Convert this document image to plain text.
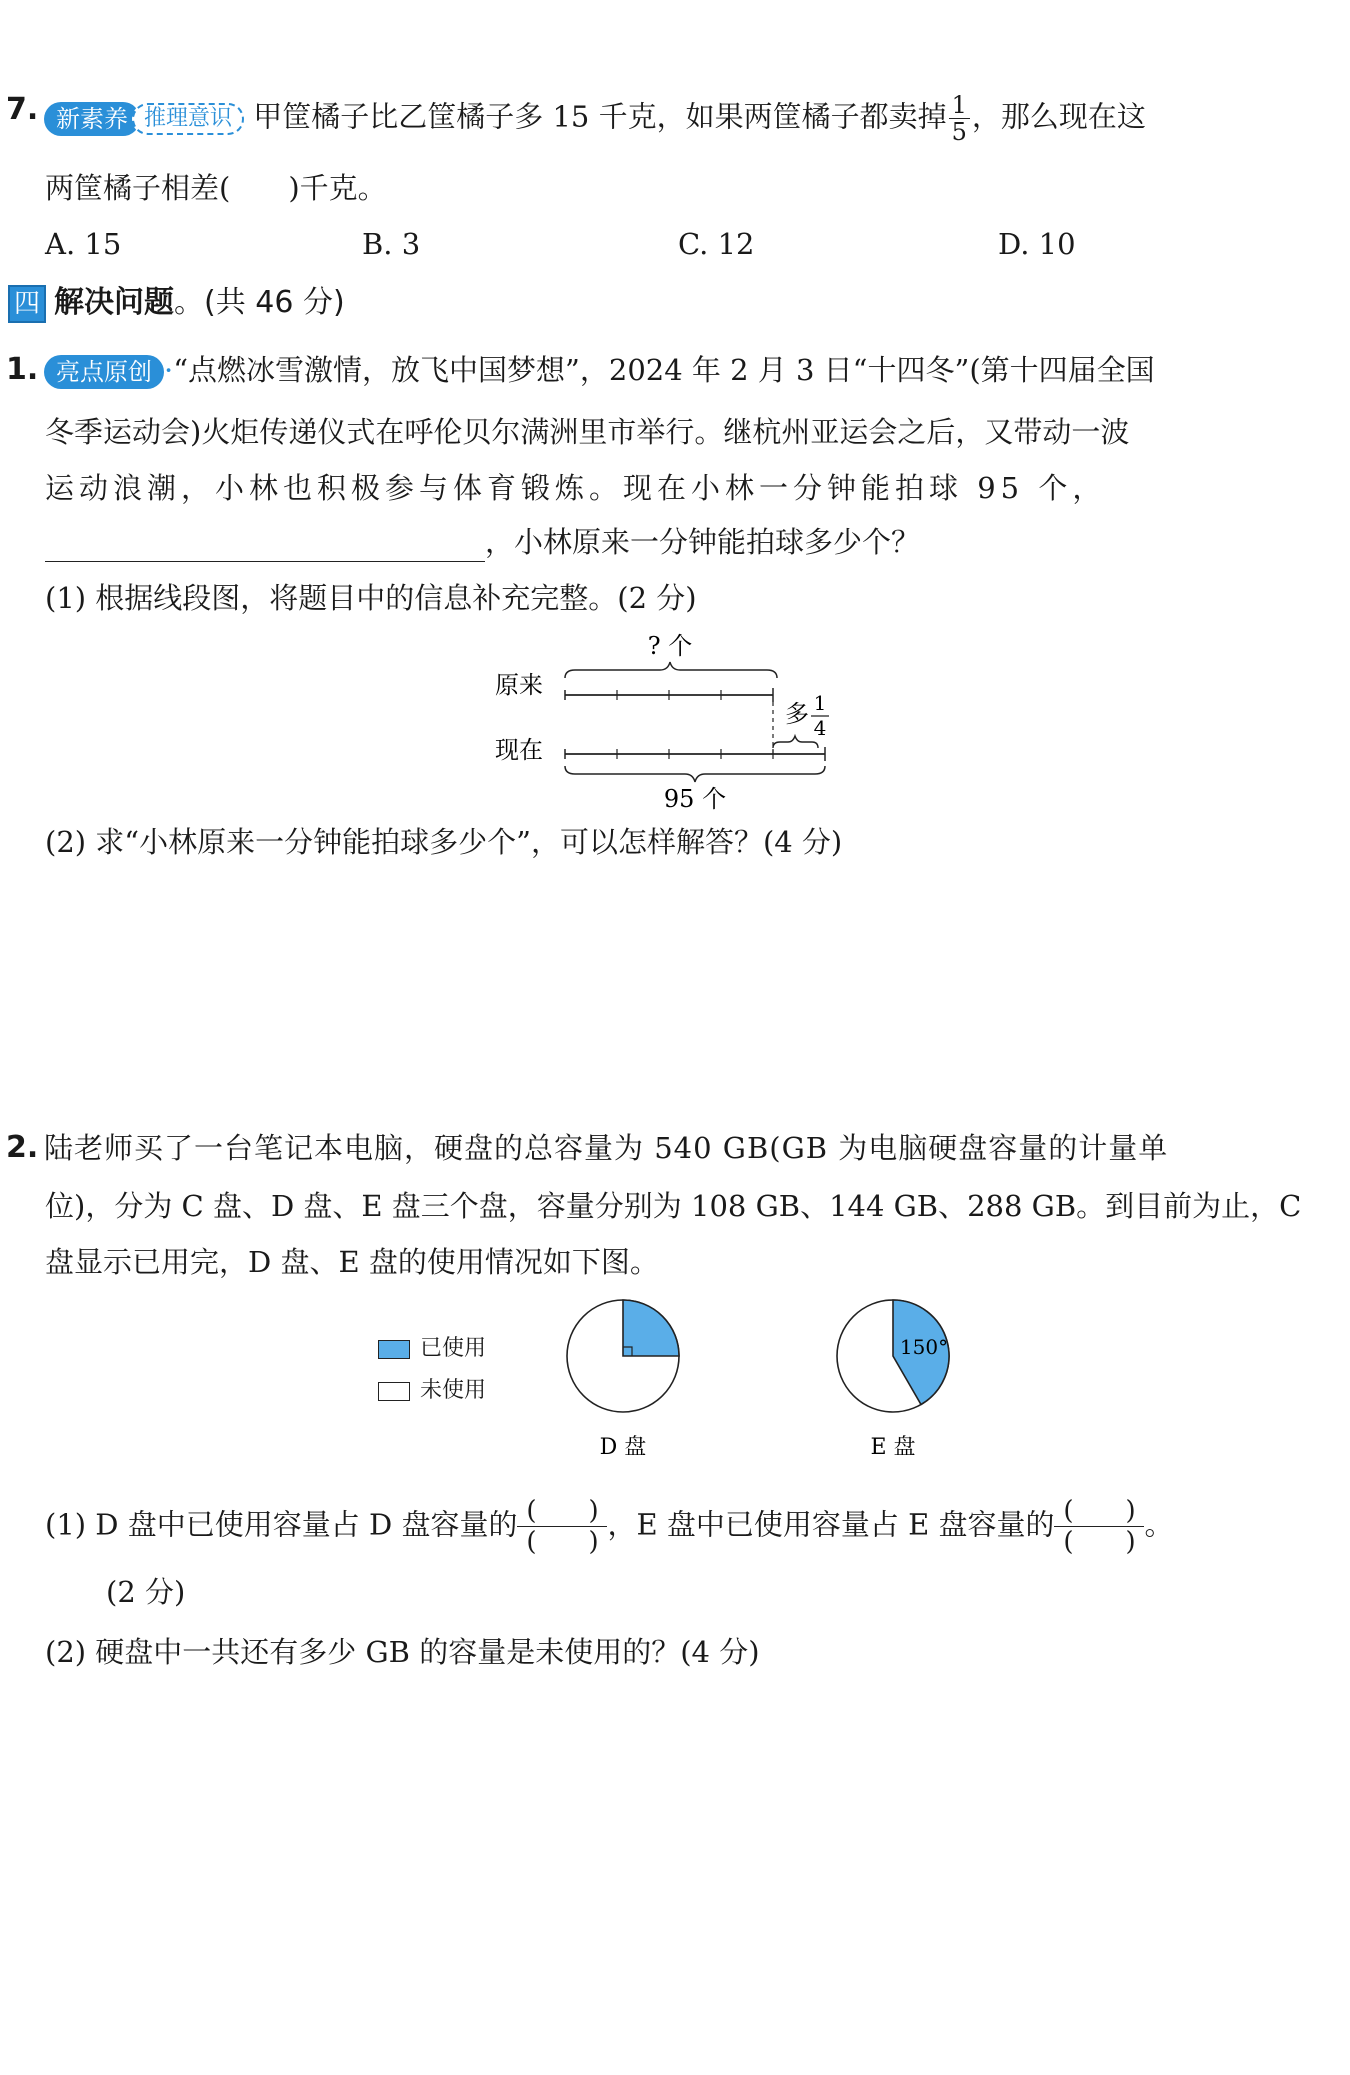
7. 新素养 推理意识 甲筐橘子比乙筐橘子多 15 千克，如果两筐橘子都卖掉 $\frac{1}{5}$ ，那么现在这
两筐橘子相差(　　)千克。
A. 15	B. 3	C. 12	D. 10
四 解决问题。(共 46 分)
1. 亮点原创 ·“点燃冰雪激情，放飞中国梦想”，2024 年 2 月 3 日“十四冬”(第十四届全国
冬季运动会)火炬传递仪式在呼伦贝尔满洲里市举行。继杭州亚运会之后，又带动一波
运动浪潮，小林也积极参与体育锻炼。现在小林一分钟能拍球 95 个，
，小林原来一分钟能拍球多少个？
(1) 根据线段图，将题目中的信息补充完整。(2 分)
? 个
原来
多 1
4
现在
95 个
(2) 求“小林原来一分钟能拍球多少个”，可以怎样解答？(4 分)
2. 陆老师买了一台笔记本电脑，硬盘的总容量为 540 GB(GB 为电脑硬盘容量的计量单
位)，分为 C 盘、D 盘、E 盘三个盘，容量分别为 108 GB、144 GB、288 GB。到目前为止，C
盘显示已用完，D 盘、E 盘的使用情况如下图。
已使用
未使用
D 盘
150°
E 盘
(1) D 盘中已使用容量占 D 盘容量的 (　　)
(　　)
，E 盘中已使用容量占 E 盘容量的 (　　)
(　　)
。
(2 分)
(2) 硬盘中一共还有多少 GB 的容量是未使用的？(4 分)
